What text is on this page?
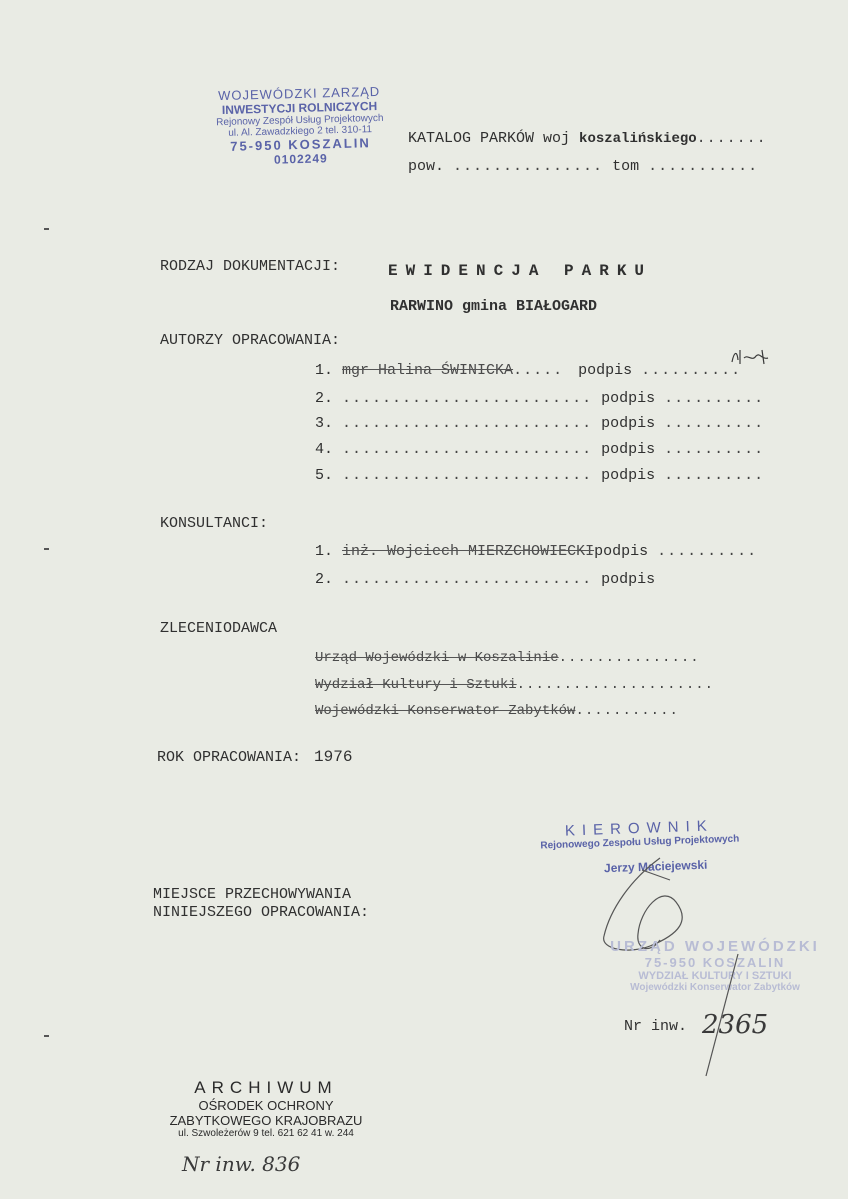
WOJEWÓDZKI ZARZĄD
INWESTYCJI ROLNICZYCH
Rejonowy Zespół Usług Projektowych
ul. Al. Zawadzkiego 2 tel. 310-11
75-950 KOSZALIN
0102249
KATALOG PARKÓW woj koszalińskiego.......
pow. ............... tom ...........
RODZAJ DOKUMENTACJI:	EWIDENCJA PARKU
RARWINO gmina BIAŁOGARD
AUTORZY OPRACOWANIA:
1. mgr Halina ŚWINICKA..... podpis ..........
2. ......................... podpis ..........
3. ......................... podpis ..........
4. ......................... podpis ..........
5. ......................... podpis ..........
KONSULTANCI:
1. inż. Wojciech MIERZCHOWIECKIpodpis ..........
2. ......................... podpis
ZLECENIODAWCA
Urząd Wojewódzki w Koszalinie...............
Wydział Kultury i Sztuki.....................
Wojewódzki Konserwator Zabytków...........
ROK OPRACOWANIA: 1976
KIEROWNIK
Rejonowego Zespołu Usług Projektowych
Jerzy Maciejewski
URZĄD WOJEWÓDZKI
75-950 KOSZALIN
WYDZIAŁ KULTURY I SZTUKI
Wojewódzki Konserwator Zabytków
MIEJSCE PRZECHOWYWANIA
NINIEJSZEGO OPRACOWANIA:
Nr inw. 2365
ARCHIWUM
OŚRODEK OCHRONY
ZABYTKOWEGO KRAJOBRAZU
ul. Szwoleżerów 9 tel. 621 62 41 w. 244
Nr inw. 836
